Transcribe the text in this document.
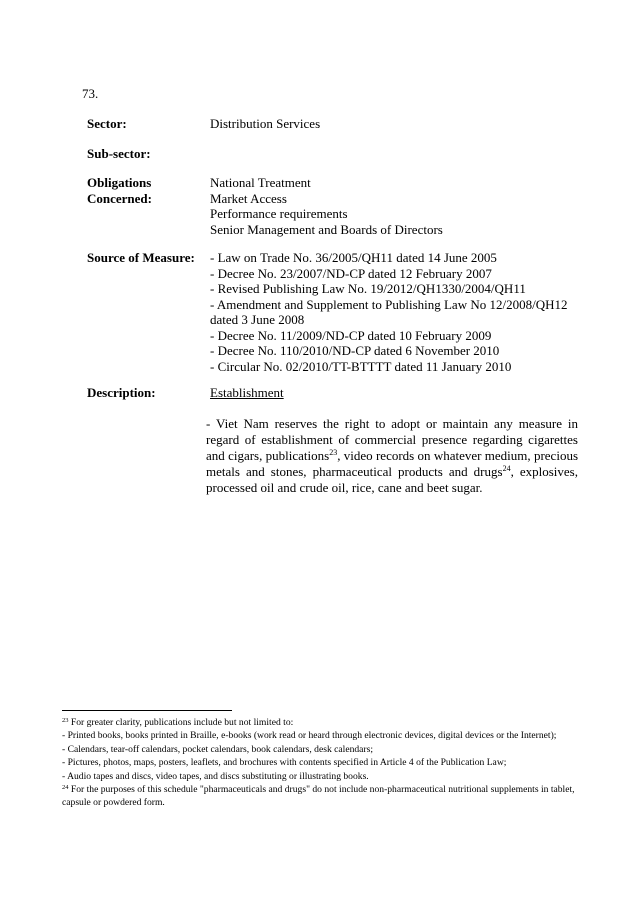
73.
Sector:	Distribution Services
Sub-sector:
Obligations
Concerned:
National Treatment
Market Access
Performance requirements
Senior Management and Boards of Directors
Source of Measure:	- Law on Trade No. 36/2005/QH11 dated 14 June 2005
- Decree No. 23/2007/ND-CP dated 12 February 2007
- Revised Publishing Law No. 19/2012/QH1330/2004/QH11
- Amendment and Supplement to Publishing Law No 12/2008/QH12
dated 3 June 2008
- Decree No. 11/2009/ND-CP dated 10 February 2009
- Decree No. 110/2010/ND-CP dated 6 November 2010
- Circular No. 02/2010/TT-BTTTT dated 11 January 2010
Description:	Establishment
- Viet Nam reserves the right to adopt or maintain any measure in regard of establishment of commercial presence regarding cigarettes and cigars, publications$^{23}$, video records on whatever medium, precious metals and stones, pharmaceutical products and drugs$^{24}$, explosives, processed oil and crude oil, rice, cane and beet sugar.
$^{23}$ For greater clarity, publications include but not limited to:
- Printed books, books printed in Braille, e-books (work read or heard through electronic devices, digital devices or the Internet);
- Calendars, tear-off calendars, pocket calendars, book calendars, desk calendars;
- Pictures, photos, maps, posters, leaflets, and brochures with contents specified in Article 4 of the Publication Law;
- Audio tapes and discs, video tapes, and discs substituting or illustrating books.
$^{24}$ For the purposes of this schedule "pharmaceuticals and drugs" do not include non-pharmaceutical nutritional supplements in tablet, capsule or powdered form.
